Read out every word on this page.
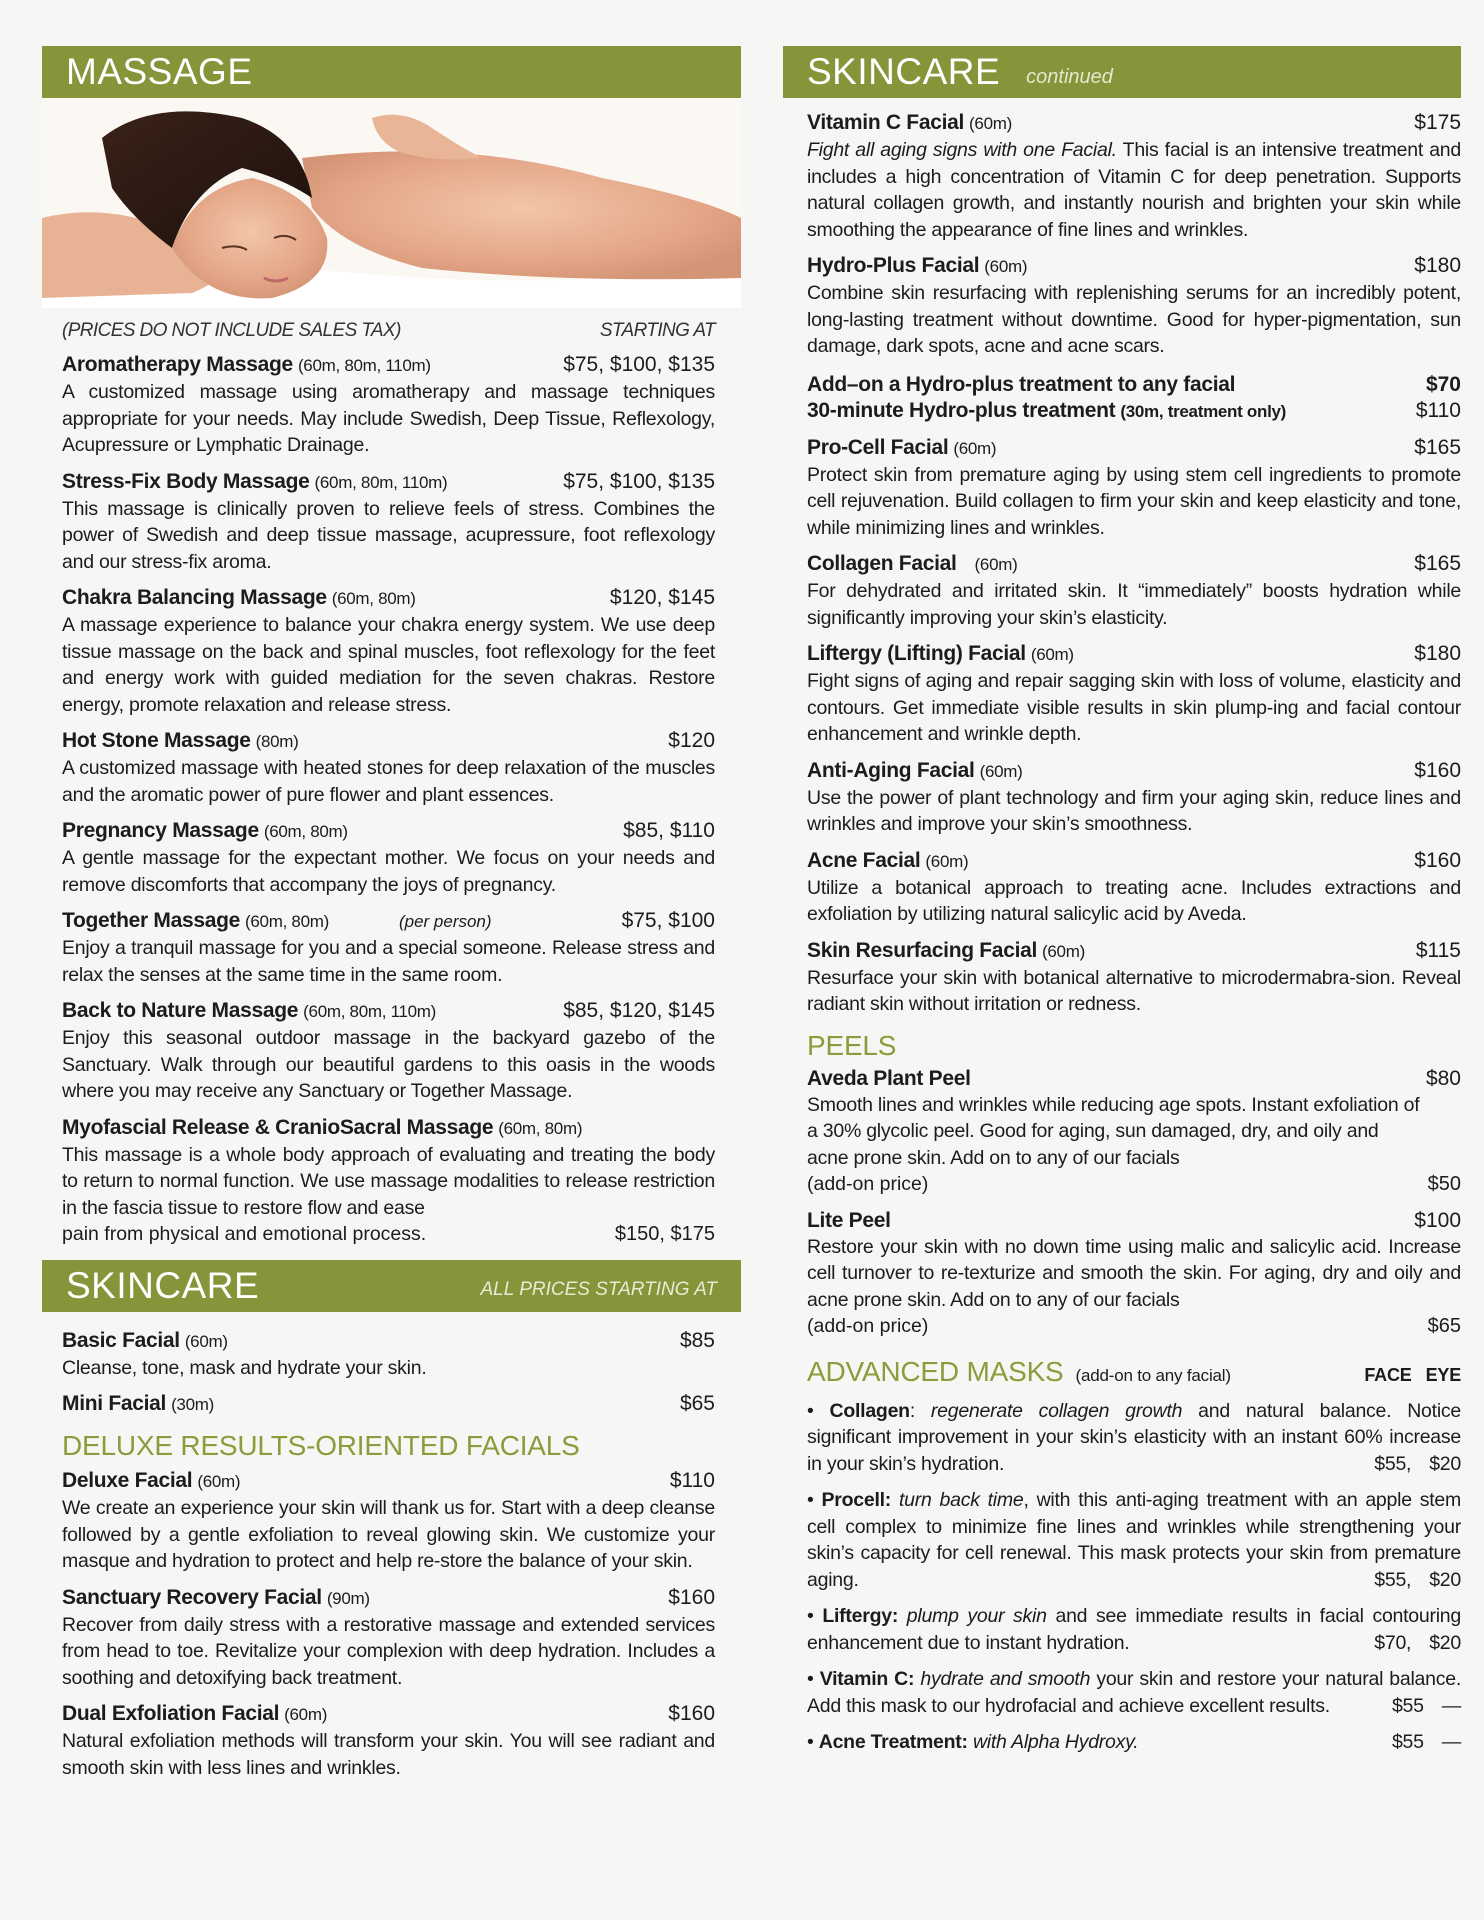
MASSAGE
(PRICES DO NOT INCLUDE SALES TAX)	STARTING AT
Aromatherapy Massage (60m, 80m, 110m)	$75, $100, $135
A customized massage using aromatherapy and massage techniques appropriate for your needs. May include Swedish, Deep Tissue, Reflexology, Acupressure or Lymphatic Drainage.
Stress-Fix Body Massage (60m, 80m, 110m)	$75, $100, $135
This massage is clinically proven to relieve feels of stress. Combines the power of Swedish and deep tissue massage, acupressure, foot reflexology and our stress-fix aroma.
Chakra Balancing Massage (60m, 80m)	$120, $145
A massage experience to balance your chakra energy system. We use deep tissue massage on the back and spinal muscles, foot reflexology for the feet and energy work with guided mediation for the seven chakras. Restore energy, promote relaxation and release stress.
Hot Stone Massage (80m)	$120
A customized massage with heated stones for deep relaxation of the muscles and the aromatic power of pure flower and plant essences.
Pregnancy Massage (60m, 80m)	$85, $110
A gentle massage for the expectant mother. We focus on your needs and remove discomforts that accompany the joys of pregnancy.
Together Massage (60m, 80m)	(per person)	$75, $100
Enjoy a tranquil massage for you and a special someone. Release stress and relax the senses at the same time in the same room.
Back to Nature Massage (60m, 80m, 110m)	$85, $120, $145
Enjoy this seasonal outdoor massage in the backyard gazebo of the Sanctuary. Walk through our beautiful gardens to this oasis in the woods where you may receive any Sanctuary or Together Massage.
Myofascial Release & CranioSacral Massage (60m, 80m)
This massage is a whole body approach of evaluating and treating the body to return to normal function. We use massage modalities to release restriction in the fascia tissue to restore flow and ease
pain from physical and emotional process.	$150, $175
SKINCARE	ALL PRICES STARTING AT
Basic Facial (60m)	$85
Cleanse, tone, mask and hydrate your skin.
Mini Facial (30m)	$65
DELUXE RESULTS-ORIENTED FACIALS
Deluxe Facial (60m)	$110
We create an experience your skin will thank us for. Start with a deep cleanse followed by a gentle exfoliation to reveal glowing skin. We customize your masque and hydration to protect and help re-store the balance of your skin.
Sanctuary Recovery Facial (90m)	$160
Recover from daily stress with a restorative massage and extended services from head to toe. Revitalize your complexion with deep hydration. Includes a soothing and detoxifying back treatment.
Dual Exfoliation Facial (60m)	$160
Natural exfoliation methods will transform your skin. You will see radiant and smooth skin with less lines and wrinkles.
SKINCARE continued
Vitamin C Facial (60m)	$175
Fight all aging signs with one Facial. This facial is an intensive treatment and includes a high concentration of Vitamin C for deep penetration. Supports natural collagen growth, and instantly nourish and brighten your skin while smoothing the appearance of fine lines and wrinkles.
Hydro-Plus Facial (60m)	$180
Combine skin resurfacing with replenishing serums for an incredibly potent, long-lasting treatment without downtime. Good for hyper-pigmentation, sun damage, dark spots, acne and acne scars.
Add–on a Hydro-plus treatment to any facial	$70
30-minute Hydro-plus treatment (30m, treatment only)	$110
Pro-Cell Facial (60m)	$165
Protect skin from premature aging by using stem cell ingredients to promote cell rejuvenation. Build collagen to firm your skin and keep elasticity and tone, while minimizing lines and wrinkles.
Collagen Facial (60m)	$165
For dehydrated and irritated skin. It “immediately” boosts hydration while significantly improving your skin’s elasticity.
Liftergy (Lifting) Facial (60m)	$180
Fight signs of aging and repair sagging skin with loss of volume, elasticity and contours. Get immediate visible results in skin plump-ing and facial contour enhancement and wrinkle depth.
Anti-Aging Facial (60m)	$160
Use the power of plant technology and firm your aging skin, reduce lines and wrinkles and improve your skin’s smoothness.
Acne Facial (60m)	$160
Utilize a botanical approach to treating acne. Includes extractions and exfoliation by utilizing natural salicylic acid by Aveda.
Skin Resurfacing Facial (60m)	$115
Resurface your skin with botanical alternative to microdermabra-sion. Reveal radiant skin without irritation or redness.
PEELS
Aveda Plant Peel	$80
Smooth lines and wrinkles while reducing age spots. Instant exfoliation of a 30% glycolic peel. Good for aging, sun damaged, dry, and oily and acne prone skin. Add on to any of our facials
(add-on price)	$50
Lite Peel	$100
Restore your skin with no down time using malic and salicylic acid. Increase cell turnover to re-texturize and smooth the skin. For aging, dry and oily and acne prone skin. Add on to any of our facials
(add-on price)	$65
ADVANCED MASKS (add-on to any facial)	FACE EYE
• Collagen: regenerate collagen growth and natural balance. Notice significant improvement in your skin’s elasticity with an instant 60% increase in your skin’s hydration.	$55, $20
• Procell: turn back time, with this anti-aging treatment with an apple stem cell complex to minimize fine lines and wrinkles while strengthening your skin’s capacity for cell renewal. This mask protects your skin from premature aging.	$55, $20
• Liftergy: plump your skin and see immediate results in facial contouring enhancement due to instant hydration.	$70, $20
• Vitamin C: hydrate and smooth your skin and restore your natural balance. Add this mask to our hydrofacial and achieve excellent results.	$55 —
• Acne Treatment: with Alpha Hydroxy.	$55 —
